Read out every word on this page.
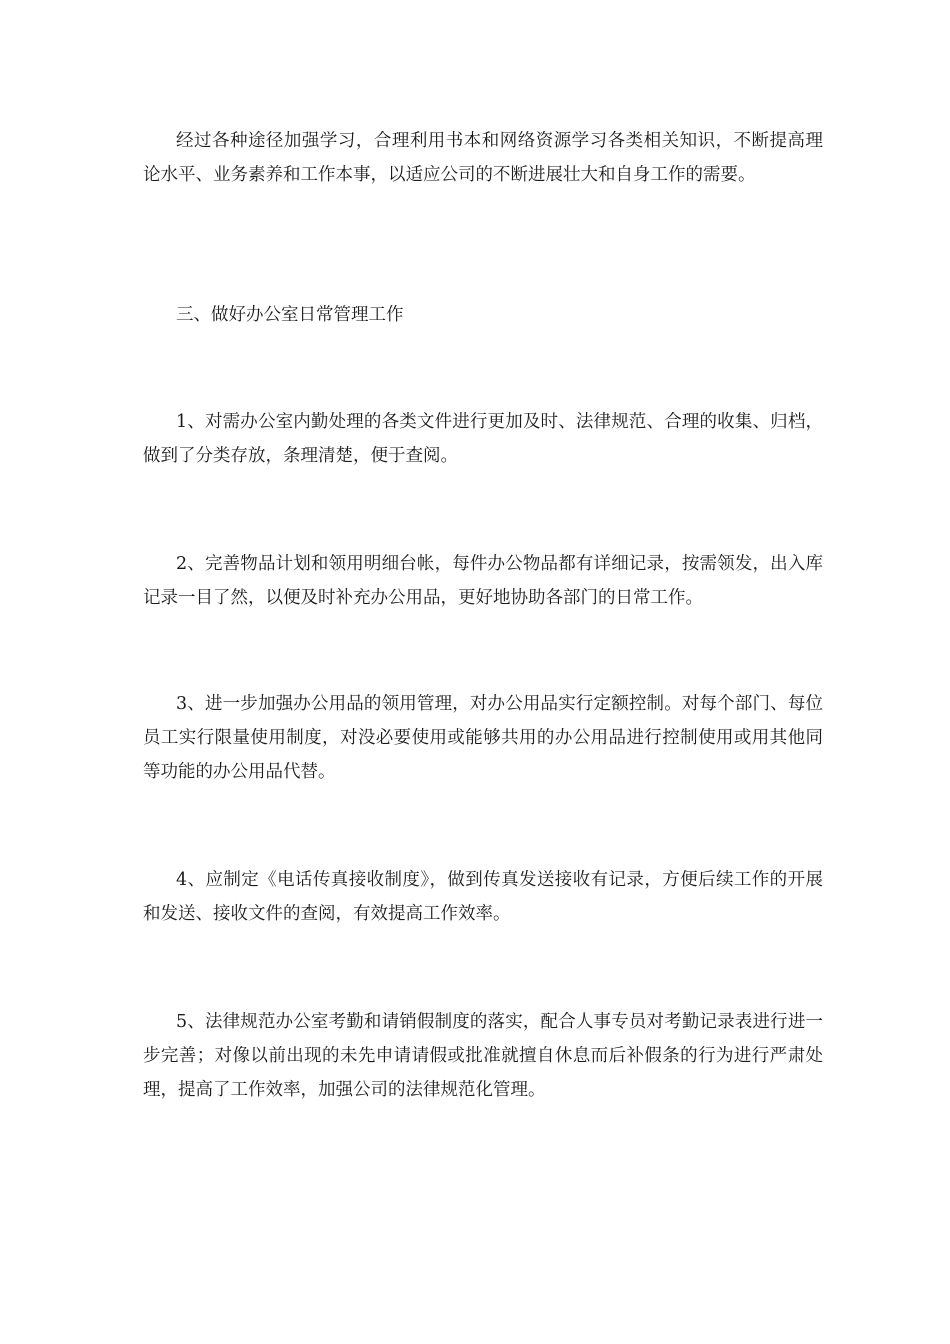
经过各种途径加强学习，合理利用书本和网络资源学习各类相关知识，不断提高理论水平、业务素养和工作本事，以适应公司的不断进展壮大和自身工作的需要。

三、做好办公室日常管理工作

1、对需办公室内勤处理的各类文件进行更加及时、法律规范、合理的收集、归档，做到了分类存放，条理清楚，便于查阅。

2、完善物品计划和领用明细台帐，每件办公物品都有详细记录，按需领发，出入库记录一目了然，以便及时补充办公用品，更好地协助各部门的日常工作。

3、进一步加强办公用品的领用管理，对办公用品实行定额控制。对每个部门、每位员工实行限量使用制度，对没必要使用或能够共用的办公用品进行控制使用或用其他同等功能的办公用品代替。

4、应制定《电话传真接收制度》，做到传真发送接收有记录，方便后续工作的开展和发送、接收文件的查阅，有效提高工作效率。

5、法律规范办公室考勤和请销假制度的落实，配合人事专员对考勤记录表进行进一步完善；对像以前出现的未先申请请假或批准就擅自休息而后补假条的行为进行严肃处理，提高了工作效率，加强公司的法律规范化管理。
